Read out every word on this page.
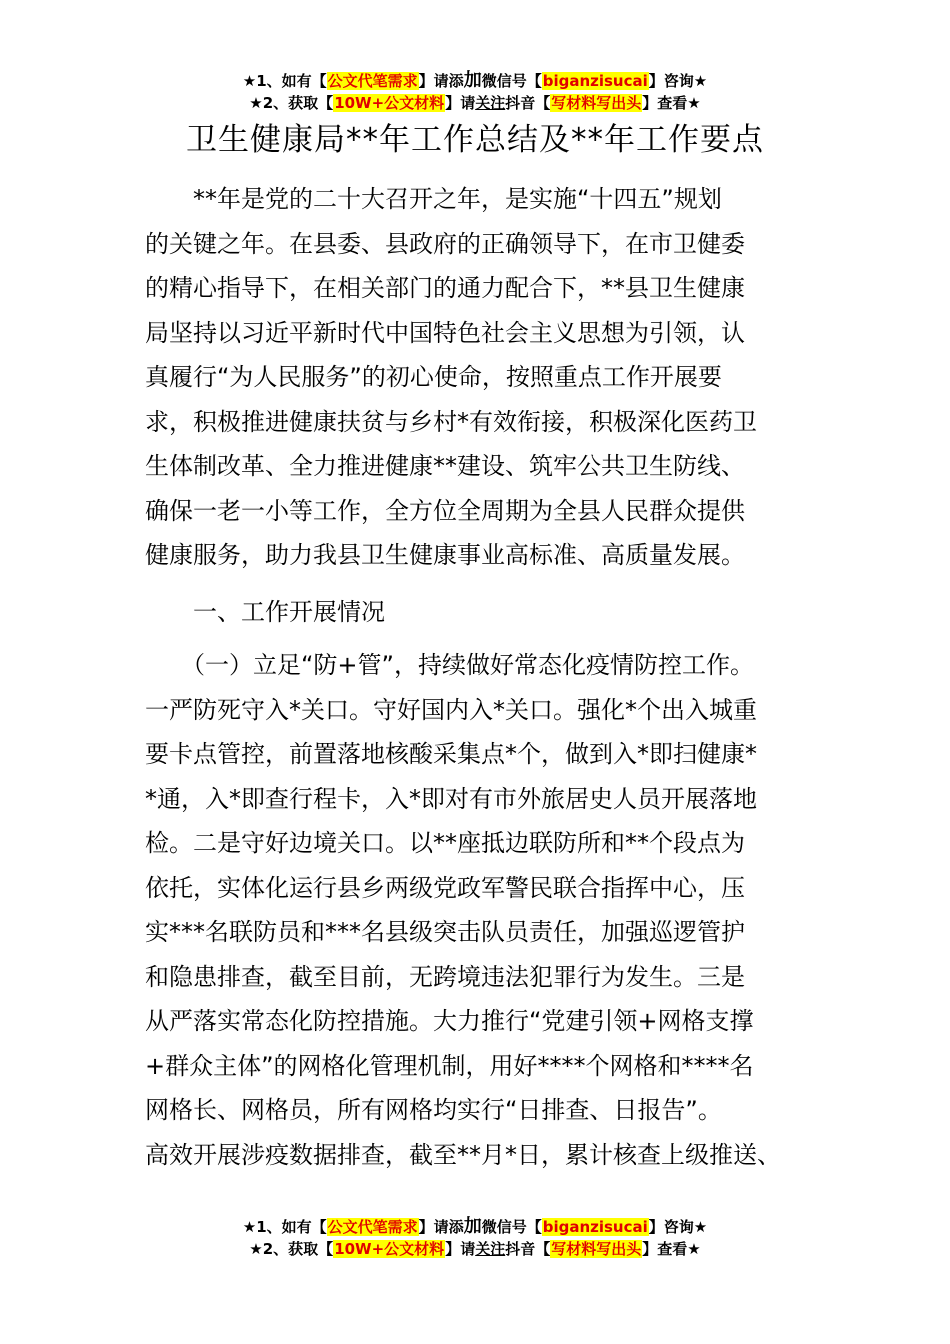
★1、如有【公文代笔需求】请添加微信号【biganzisucai】咨询★
★2、获取【10W+公文材料】请关注抖音【写材料写出头】查看★
卫生健康局**年工作总结及**年工作要点
　　**年是党的二十大召开之年，是实施“十四五”规划
的关键之年。在县委、县政府的正确领导下，在市卫健委
的精心指导下，在相关部门的通力配合下，**县卫生健康
局坚持以习近平新时代中国特色社会主义思想为引领，认
真履行“为人民服务”的初心使命，按照重点工作开展要
求，积极推进健康扶贫与乡村*有效衔接，积极深化医药卫
生体制改革、全力推进健康**建设、筑牢公共卫生防线、
确保一老一小等工作，全方位全周期为全县人民群众提供
健康服务，助力我县卫生健康事业高标准、高质量发展。
　　一、工作开展情况
　　（一）立足“防+管”，持续做好常态化疫情防控工作。
一严防死守入*关口。守好国内入*关口。强化*个出入城重
要卡点管控，前置落地核酸采集点*个，做到入*即扫健康*
*通，入*即查行程卡，入*即对有市外旅居史人员开展落地
检。二是守好边境关口。以**座抵边联防所和**个段点为
依托，实体化运行县乡两级党政军警民联合指挥中心，压
实***名联防员和***名县级突击队员责任，加强巡逻管护
和隐患排查，截至目前，无跨境违法犯罪行为发生。三是
从严落实常态化防控措施。大力推行“党建引领+网格支撑
+群众主体”的网格化管理机制，用好****个网格和****名
网格长、网格员，所有网格均实行“日排查、日报告”。
高效开展涉疫数据排查，截至**月*日，累计核查上级推送、
★1、如有【公文代笔需求】请添加微信号【biganzisucai】咨询★
★2、获取【10W+公文材料】请关注抖音【写材料写出头】查看★
